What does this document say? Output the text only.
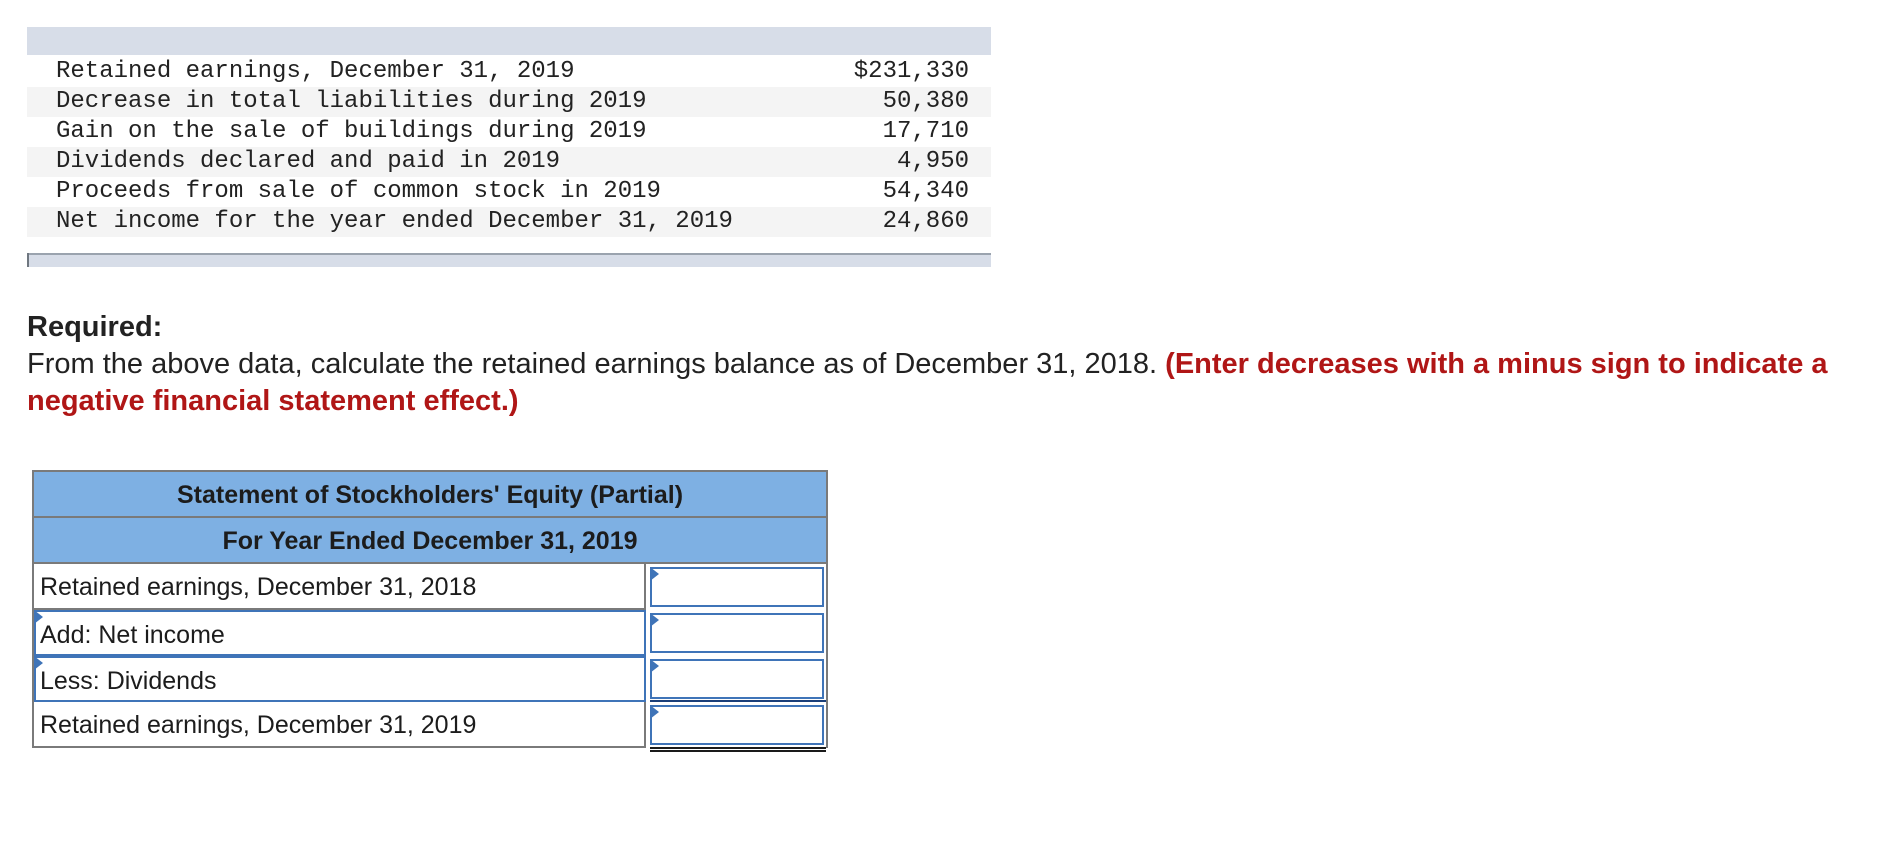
Retained earnings, December 31, 2019	$231,330
Decrease in total liabilities during 2019	50,380
Gain on the sale of buildings during 2019	17,710
Dividends declared and paid in 2019	4,950
Proceeds from sale of common stock in 2019	54,340
Net income for the year ended December 31, 2019	24,860
Required:
From the above data, calculate the retained earnings balance as of December 31, 2018. (Enter decreases with a minus sign to indicate a negative financial statement effect.)
Statement of Stockholders' Equity (Partial)
For Year Ended December 31, 2019
Retained earnings, December 31, 2018
Add: Net income
Less: Dividends
Retained earnings, December 31, 2019
